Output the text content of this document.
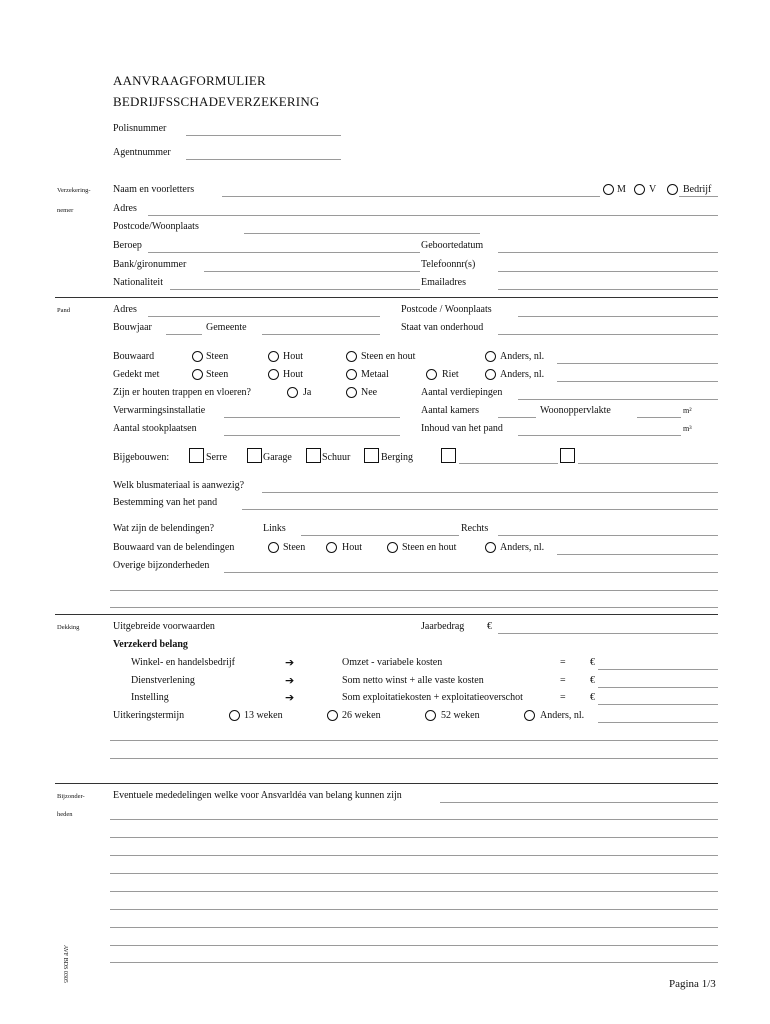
AANVRAAGFORMULIER
BEDRIJFSSCHADEVERZEKERING
Polisnummer
Agentnummer
Verzekering-
nemer
Naam en voorletters	M V	Bedrijf
Adres
Postcode/Woonplaats
Beroep	Geboortedatum
Bank/gironummer	Telefoonnr(s)
Nationaliteit	Emailadres
Pand	Adres	Postcode / Woonplaats
Bouwjaar	Gemeente	Staat van onderhoud
Bouwaard	Steen	Hout	Steen en hout	Anders, nl.
Gedekt met	Steen	Hout	Metaal	Riet	Anders, nl.
Zijn er houten trappen en vloeren?	Ja	Nee	Aantal verdiepingen
Verwarmingsinstallatie	Aantal kamers	Woonoppervlakte	m²
Aantal stookplaatsen	Inhoud van het pand	m³
Bijgebouwen:	Serre	Garage	Schuur	Berging
Welk blusmateriaal is aanwezig?
Bestemming van het pand
Wat zijn de belendingen?	Links	Rechts
Bouwaard van de belendingen	Steen	Hout	Steen en hout	Anders, nl.
Overige bijzonderheden
Dekking	Uitgebreide voorwaarden	Jaarbedrag €
Verzekerd belang
Winkel- en handelsbedrijf	➔	Omzet - variabele kosten	= €
Dienstverlening	➔	Som netto winst + alle vaste kosten	= €
Instelling	➔	Som exploitatiekosten + exploitatieoverschot	= €
Uitkeringstermijn	13 weken	26 weken	52 weken	Anders, nl.
Bijzonder-
heden
Eventuele mededelingen welke voor Ansvarldéa van belang kunnen zijn
AVF BDS 0305
Pagina 1/3
